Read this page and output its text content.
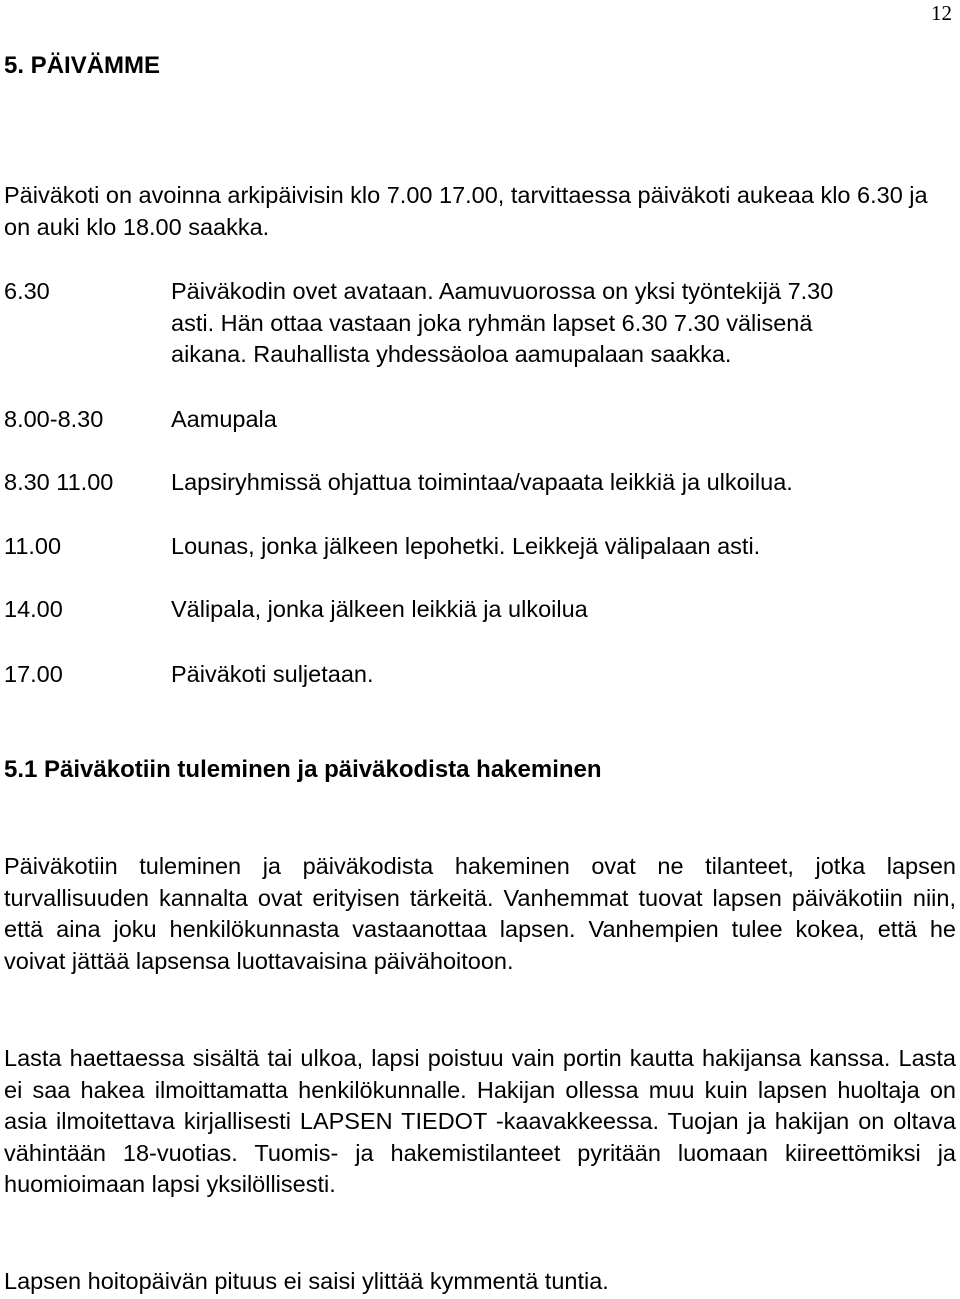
12
5. PÄIVÄMME

Päiväkoti on avoinna arkipäivisin klo 7.00 17.00, tarvittaessa päiväkoti aukeaa klo 6.30 ja on auki klo 18.00 saakka.

6.30	Päiväkodin ovet avataan. Aamuvuorossa on yksi työntekijä 7.30 asti. Hän ottaa vastaan joka ryhmän lapset 6.30 7.30 välisenä aikana. Rauhallista yhdessäoloa aamupalaan saakka.
8.00-8.30	Aamupala
8.30 11.00	Lapsiryhmissä ohjattua toimintaa/vapaata leikkiä ja ulkoilua.
11.00	Lounas, jonka jälkeen lepohetki. Leikkejä välipalaan asti.
14.00	Välipala, jonka jälkeen leikkiä ja ulkoilua
17.00	Päiväkoti suljetaan.
5.1 Päiväkotiin tuleminen ja päiväkodista hakeminen

Päiväkotiin tuleminen ja päiväkodista hakeminen ovat ne tilanteet, jotka lapsen turvallisuuden kannalta ovat erityisen tärkeitä. Vanhemmat tuovat lapsen päiväkotiin niin, että aina joku henkilökunnasta vastaanottaa lapsen. Vanhempien tulee kokea, että he voivat jättää lapsensa luottavaisina päivähoitoon.

Lasta haettaessa sisältä tai ulkoa, lapsi poistuu vain portin kautta hakijansa kanssa. Lasta ei saa hakea ilmoittamatta henkilökunnalle. Hakijan ollessa muu kuin lapsen huoltaja on asia ilmoitettava kirjallisesti LAPSEN TIEDOT -kaavakkeessa. Tuojan ja hakijan on oltava vähintään 18-vuotias. Tuomis- ja hakemistilanteet pyritään luomaan kiireettömiksi ja huomioimaan lapsi yksilöllisesti.

Lapsen hoitopäivän pituus ei saisi ylittää kymmentä tuntia.
